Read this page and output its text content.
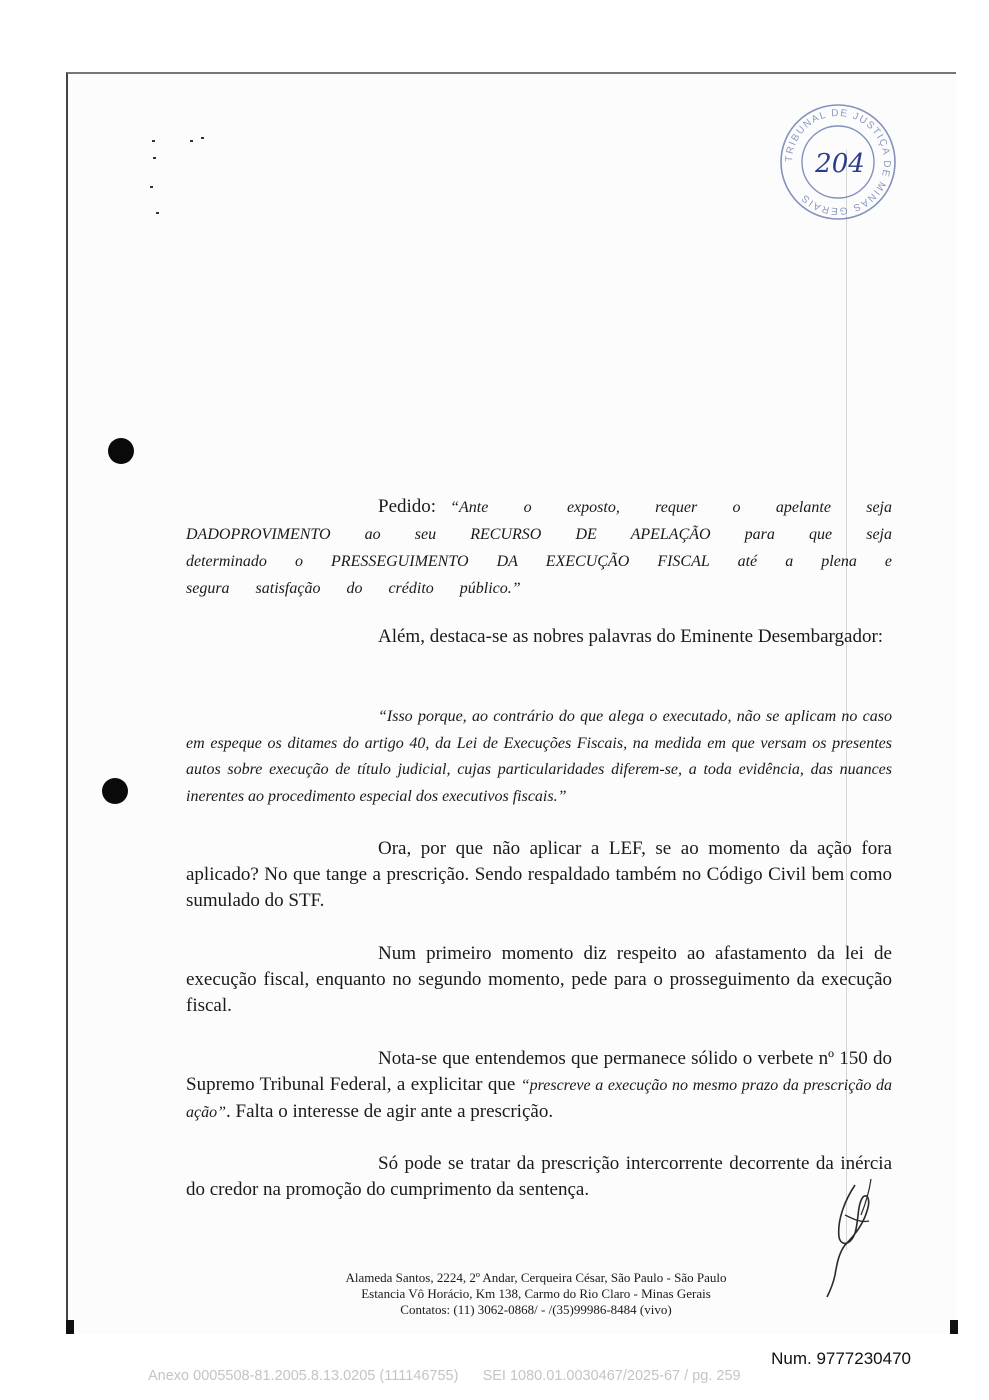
TRIBUNAL DE JUSTIÇA DE MINAS GERAIS
204

Pedido: “Ante o exposto, requer o apelante seja DADOPROVIMENTO ao seu RECURSO DE APELAÇÃO para que seja determinado o PRESSEGUIMENTO DA EXECUÇÃO FISCAL até a plena e segura satisfação do crédito público.”

Além, destaca-se as nobres palavras do Eminente Desembargador:

“Isso porque, ao contrário do que alega o executado, não se aplicam no caso em espeque os ditames do artigo 40, da Lei de Execuções Fiscais, na medida em que versam os presentes autos sobre execução de título judicial, cujas particularidades diferem-se, a toda evidência, das nuances inerentes ao procedimento especial dos executivos fiscais.”

Ora, por que não aplicar a LEF, se ao momento da ação fora aplicado? No que tange a prescrição. Sendo respaldado também no Código Civil bem como sumulado do STF.

Num primeiro momento diz respeito ao afastamento da lei de execução fiscal, enquanto no segundo momento, pede para o prosseguimento da execução fiscal.

Nota-se que entendemos que permanece sólido o verbete nº 150 do Supremo Tribunal Federal, a explicitar que “prescreve a execução no mesmo prazo da prescrição da ação”. Falta o interesse de agir ante a prescrição.

Só pode se tratar da prescrição intercorrente decorrente da inércia do credor na promoção do cumprimento da sentença.

Alameda Santos, 2224, 2º Andar, Cerqueira César, São Paulo - São Paulo
Estancia Vô Horácio, Km 138, Carmo do Rio Claro - Minas Gerais
Contatos: (11) 3062-0868/ - /(35)99986-8484 (vivo)

Num. 9777230470
Anexo 0005508-81.2005.8.13.0205 (111146755)      SEI 1080.01.0030467/2025-67 / pg. 259
